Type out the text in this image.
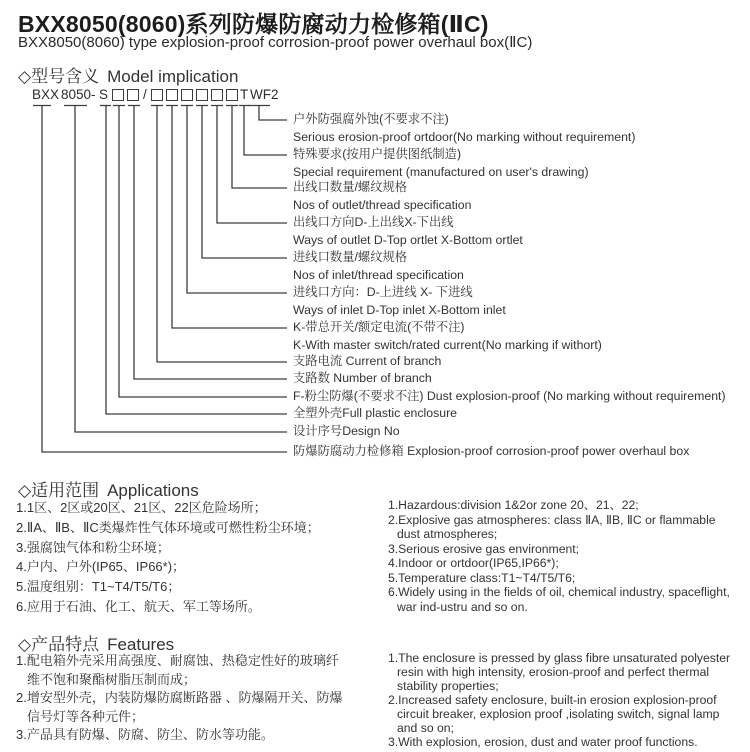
BXX8050(8060)系列防爆防腐动力检修箱(ⅡC)
BXX8050(8060) type explosion-proof corrosion-proof power overhaul box(ⅡC)
◇型号含义 Model implication
BXX 8050 - S	/	T WF2
户外防强腐外蚀(不要求不注)
Serious erosion-proof ortdoor(No marking without requirement)
特殊要求(按用户提供图纸制造)
Special requirement (manufactured on user's drawing)
出线口数量/螺纹规格
Nos of outlet/thread specification
出线口方向D-上出线X-下出线
Ways of outlet D-Top ortlet X-Bottom ortlet
进线口数量/螺纹规格
Nos of inlet/thread specification
进线口方向：D-上进线 X- 下进线
Ways of inlet D-Top inlet X-Bottom inlet
K-带总开关/额定电流(不带不注)
K-With master switch/rated current(No marking if withort)
支路电流 Current of branch
支路数 Number of branch
F-粉尘防爆(不要求不注) Dust explosion-proof (No marking without requirement)
全塑外壳Full plastic enclosure
设计序号Design No
防爆防腐动力检修箱 Explosion-proof corrosion-proof power overhaul box
◇适用范围 Applications
1.1区、2区或20区、21区、22区危险场所；
2.ⅡA、ⅡB、ⅡC类爆炸性气体环境或可燃性粉尘环境；
3.强腐蚀气体和粉尘环境；
4.户内、户外(IP65、IP66*)；
5.温度组别：T1~T4/T5/T6；
6.应用于石油、化工、航天、军工等场所。
1.Hazardous:division 1&2or zone 20、21、22;
2.Explosive gas atmospheres: class ⅡA, ⅡB, ⅡC or flammable
dust atmospheres;
3.Serious erosive gas environment;
4.Indoor or ortdoor(IP65,IP66*);
5.Temperature class:T1~T4/T5/T6;
6.Widely using in the fields of oil, chemical industry, spaceflight,
war ind-ustru and so on.
◇产品特点 Features
1.配电箱外壳采用高强度、耐腐蚀、热稳定性好的玻璃纤
维不饱和聚酯树脂压制而成；
2.增安型外壳，内装防爆防腐断路器 、防爆隔开关、防爆
信号灯等各种元件；
3.产品具有防爆、防腐、防尘、防水等功能。
1.The enclosure is pressed by glass fibre unsaturated polyester
resin with high intensity, erosion-proof and perfect thermal
stability properties;
2.Increased safety enclosure, built-in erosion explosion-proof
circuit breaker, explosion proof ,isolating switch, signal lamp
and so on;
3.With explosion, erosion, dust and water proof functions.
